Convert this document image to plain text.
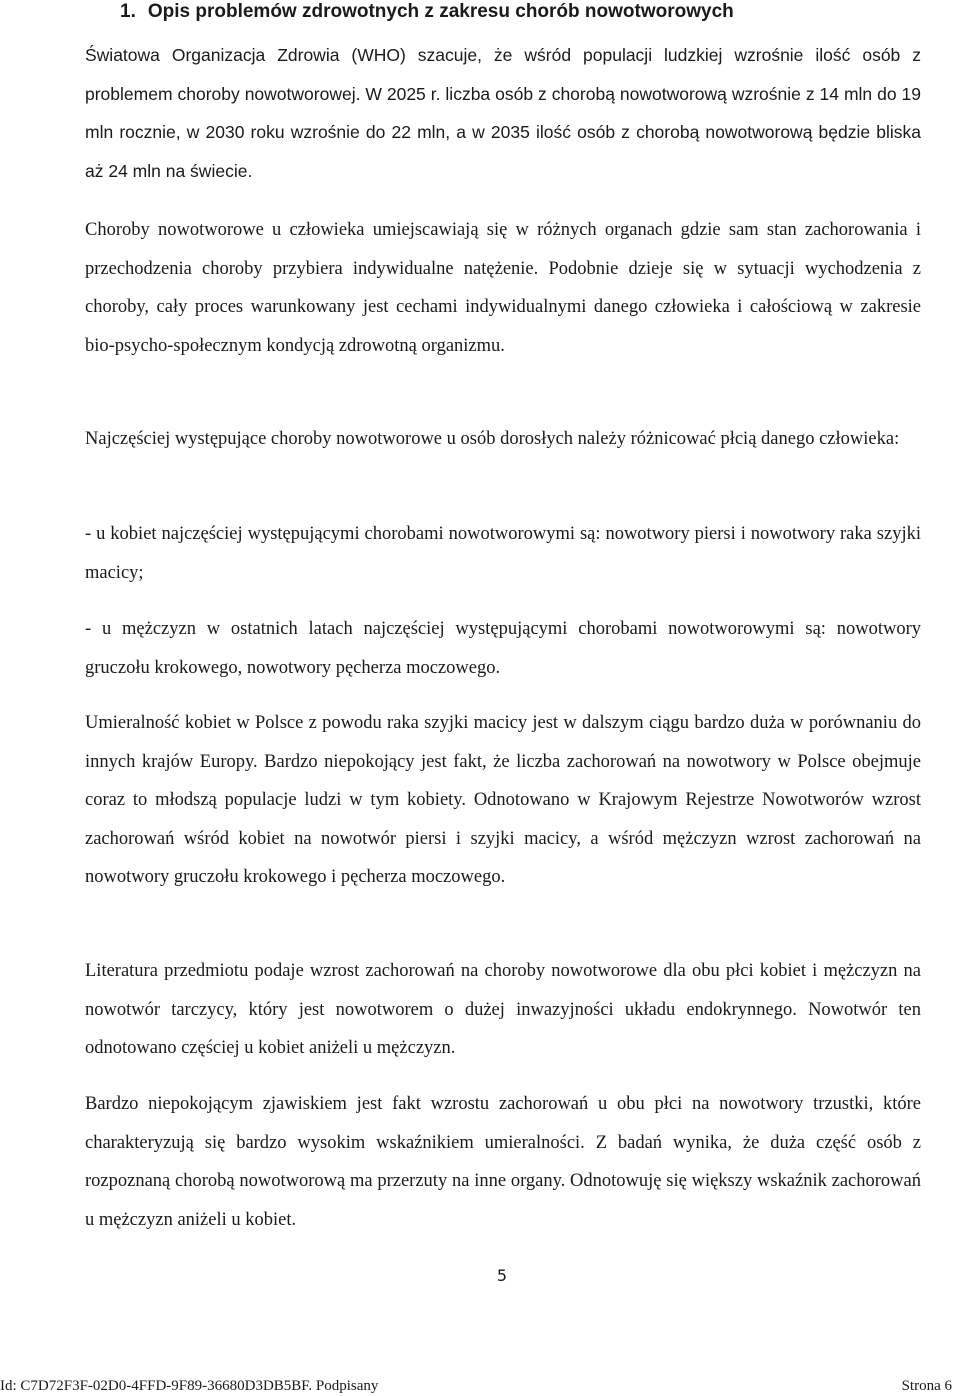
1. Opis problemów zdrowotnych z zakresu chorób nowotworowych

Światowa Organizacja Zdrowia (WHO) szacuje, że wśród populacji ludzkiej wzrośnie ilość osób z problemem choroby nowotworowej. W 2025 r. liczba osób z chorobą nowotworową wzrośnie z 14 mln do 19 mln rocznie, w 2030 roku wzrośnie do 22 mln, a w 2035 ilość osób z chorobą nowotworową będzie bliska aż 24 mln na świecie.

Choroby nowotworowe u człowieka umiejscawiają się w różnych organach gdzie sam stan zachorowania i przechodzenia choroby przybiera indywidualne natężenie. Podobnie dzieje się w sytuacji wychodzenia z choroby, cały proces warunkowany jest cechami indywidualnymi danego człowieka i całościową w zakresie bio-psycho-społecznym kondycją zdrowotną organizmu.

Najczęściej występujące choroby nowotworowe u osób dorosłych należy różnicować płcią danego człowieka:

- u kobiet najczęściej występującymi chorobami nowotworowymi są: nowotwory piersi i nowotwory raka szyjki macicy;

- u mężczyzn w ostatnich latach najczęściej występującymi chorobami nowotworowymi są: nowotwory gruczołu krokowego, nowotwory pęcherza moczowego.

Umieralność kobiet w Polsce z powodu raka szyjki macicy jest w dalszym ciągu bardzo duża w porównaniu do innych krajów Europy. Bardzo niepokojący jest fakt, że liczba zachorowań na nowotwory w Polsce obejmuje coraz to młodszą populacje ludzi w tym kobiety. Odnotowano w Krajowym Rejestrze Nowotworów wzrost zachorowań wśród kobiet na nowotwór piersi i szyjki macicy, a wśród mężczyzn wzrost zachorowań na nowotwory gruczołu krokowego i pęcherza moczowego.

Literatura przedmiotu podaje wzrost zachorowań na choroby nowotworowe dla obu płci kobiet i mężczyzn na nowotwór tarczycy, który jest nowotworem o dużej inwazyjności układu endokrynnego. Nowotwór ten odnotowano częściej u kobiet aniżeli u mężczyzn.

Bardzo niepokojącym zjawiskiem jest fakt wzrostu zachorowań u obu płci na nowotwory trzustki, które charakteryzują się bardzo wysokim wskaźnikiem umieralności. Z badań wynika, że duża część osób z rozpoznaną chorobą nowotworową ma przerzuty na inne organy. Odnotowuję się większy wskaźnik zachorowań u mężczyzn aniżeli u kobiet.

5

Id: C7D72F3F-02D0-4FFD-9F89-36680D3DB5BF. Podpisany	Strona 6
